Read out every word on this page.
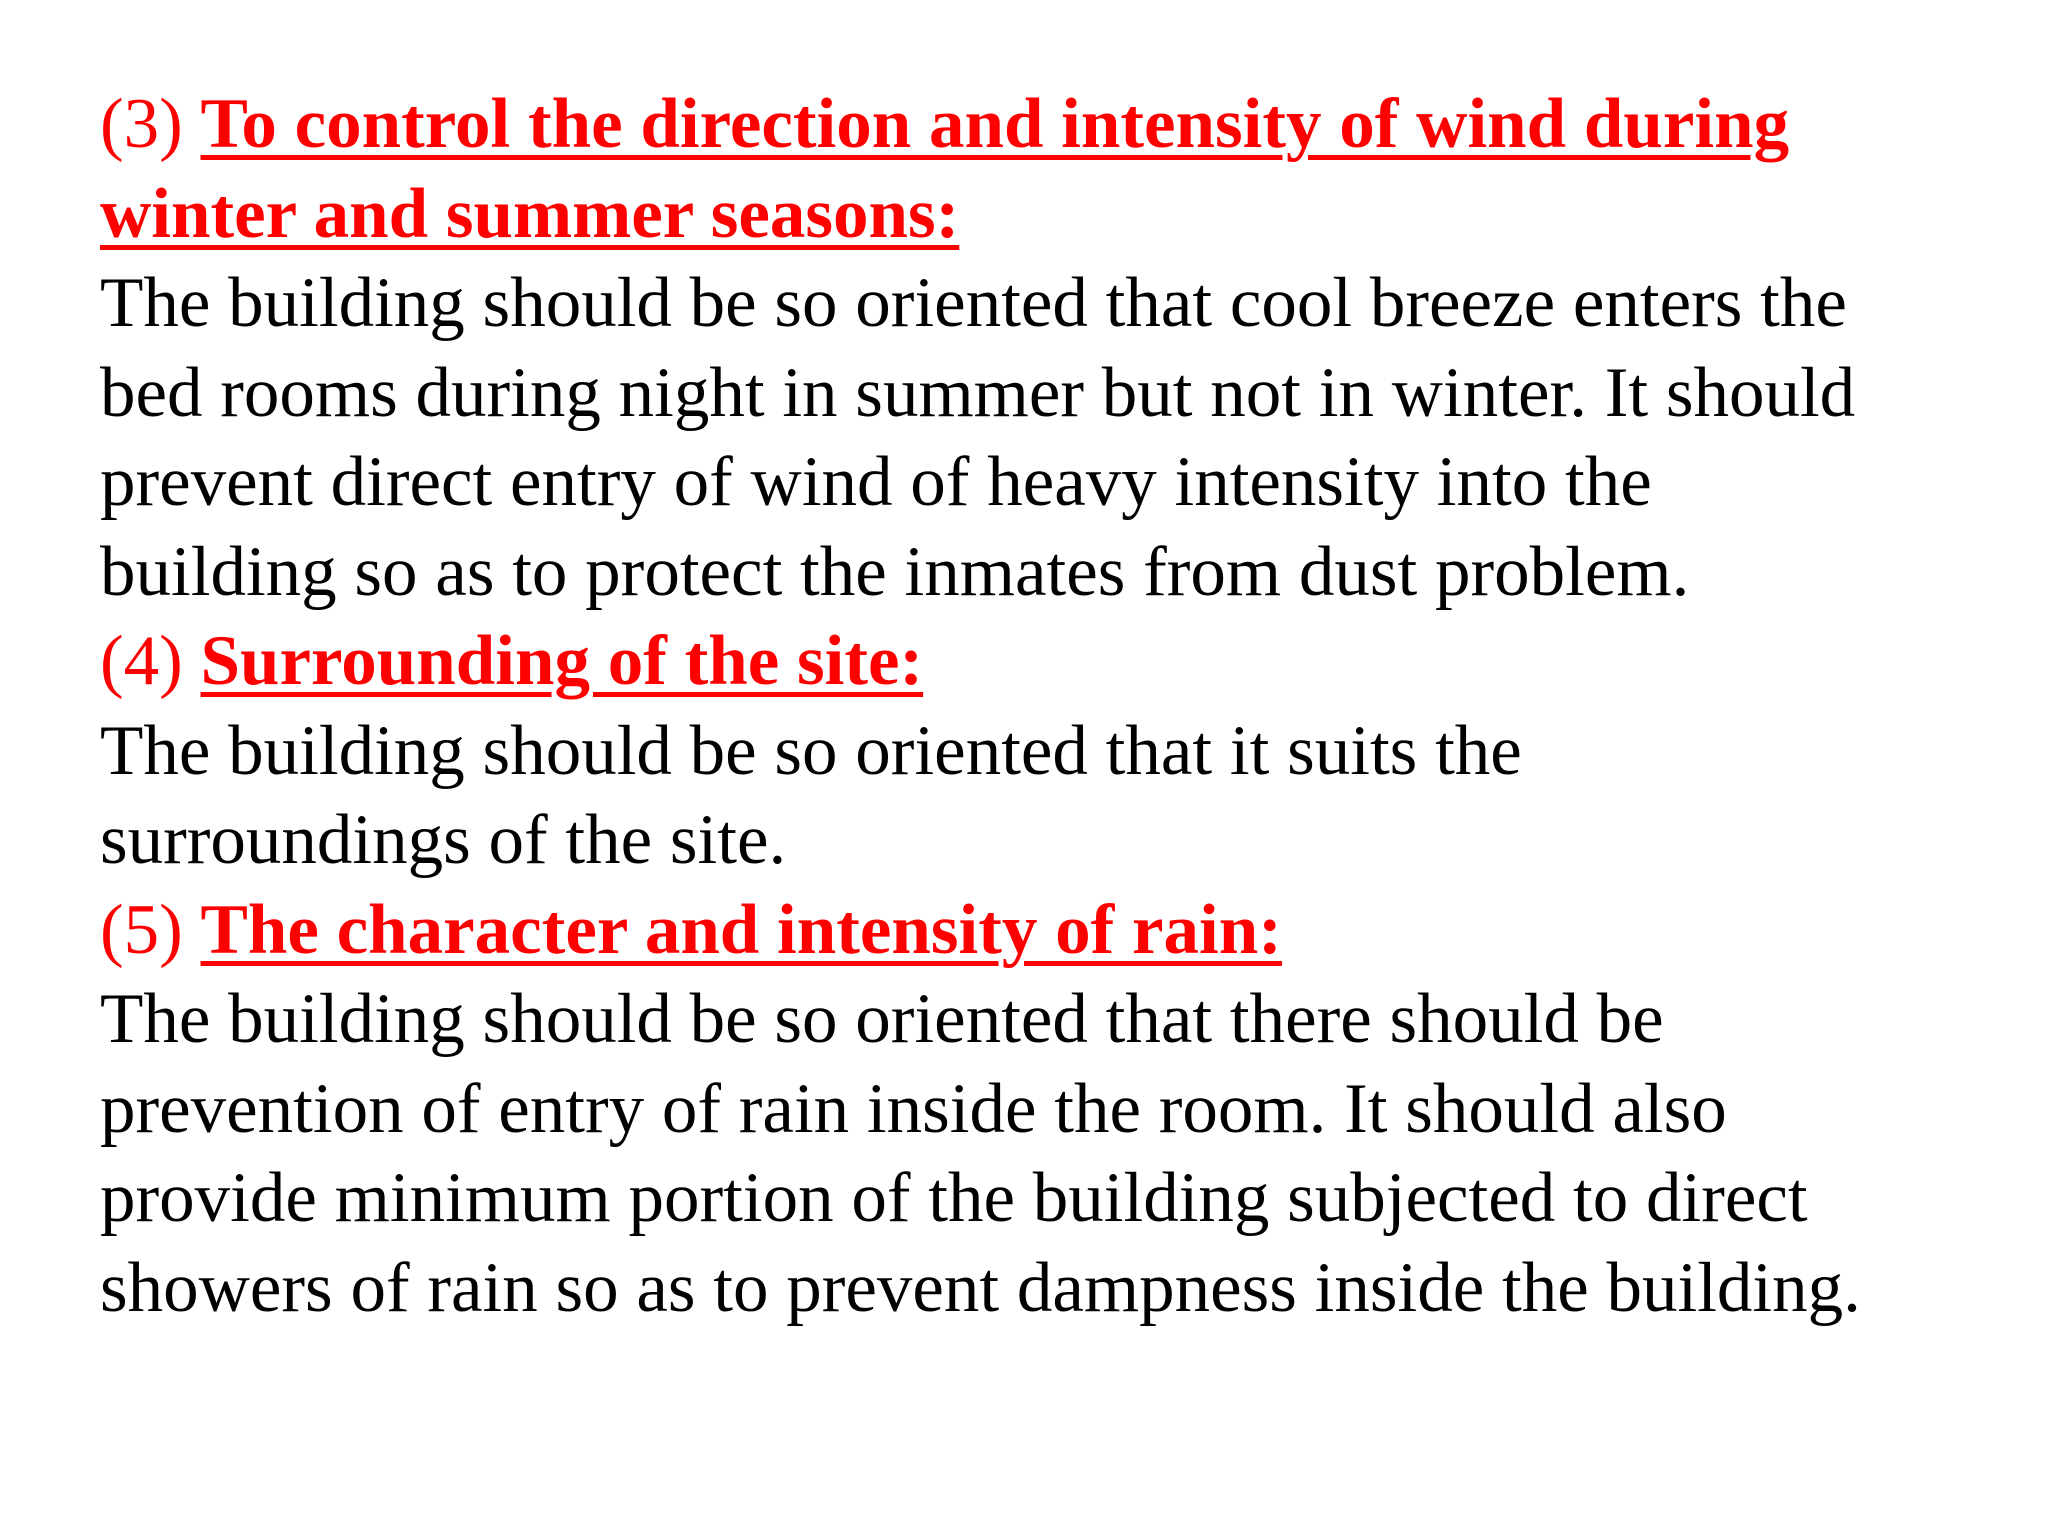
(3) To control the direction and intensity of wind during
winter and summer seasons:
The building should be so oriented that cool breeze enters the
bed rooms during night in summer but not in winter. It should
prevent direct entry of wind of heavy intensity into the
building so as to protect the inmates from dust problem.
(4) Surrounding of the site:
The building should be so oriented that it suits the
surroundings of the site.
(5) The character and intensity of rain:
The building should be so oriented that there should be
prevention of entry of rain inside the room. It should also
provide minimum portion of the building subjected to direct
showers of rain so as to prevent dampness inside the building.
